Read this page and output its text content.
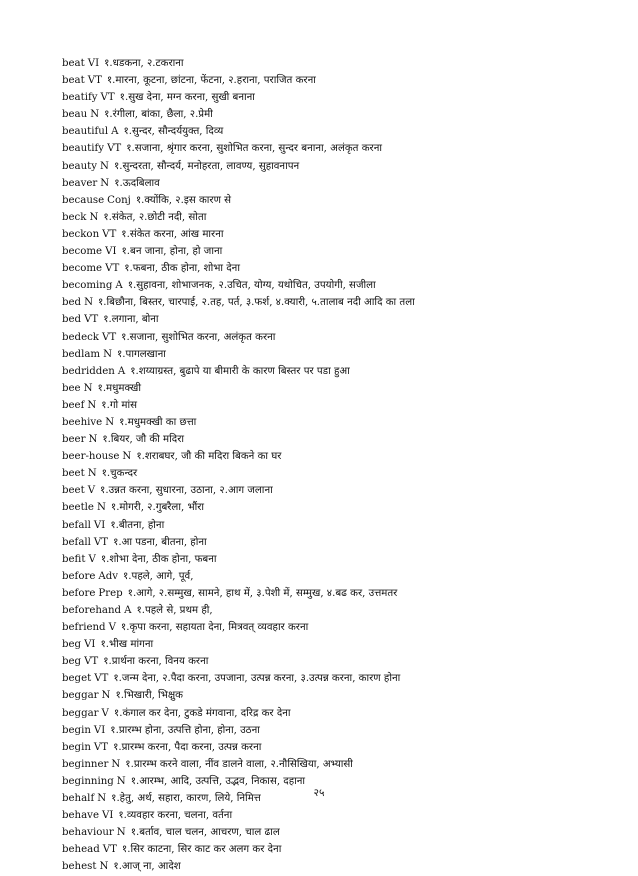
beat VI १.धडकना, २.टकराना
beat VT १.मारना, कूटना, छांटना, फेंटना, २.हराना, पराजित करना
beatify VT १.सुख देना, मग्न करना, सुखी बनाना
beau N १.रंगीला, बांका, छैला, २.प्रेमी
beautiful A १.सुन्दर, सौन्दर्ययुक्त, दिव्य
beautify VT १.सजाना, श्रृंगार करना, सुशोभित करना, सुन्दर बनाना, अलंकृत करना
beauty N १.सुन्दरता, सौन्दर्य, मनोहरता, लावण्य, सुहावनापन
beaver N १.ऊदबिलाव
because Conj १.क्योंकि, २.इस कारण से
beck N १.संकेत, २.छोटी नदी, सोता
beckon VT १.संकेत करना, आंख मारना
become VI १.बन जाना, होना, हो जाना
become VT १.फबना, ठीक होना, शोभा देना
becoming A १.सुहावना, शोभाजनक, २.उचित, योग्य, यथोचित, उपयोगी, सजीला
bed N १.बिछौना, बिस्तर, चारपाई, २.तह, पर्त, ३.फर्श, ४.क्यारी, ५.तालाब नदी आदि का तला
bed VT १.लगाना, बोना
bedeck VT १.सजाना, सुशोभित करना, अलंकृत करना
bedlam N १.पागलखाना
bedridden A १.शय्याग्रस्त, बुढापे या बीमारी के कारण बिस्तर पर पडा हुआ
bee N १.मधुमक्खी
beef N १.गो मांस
beehive N १.मधुमक्खी का छत्ता
beer N १.बियर, जौ की मदिरा
beer-house N १.शराबघर, जौ की मदिरा बिकने का घर
beet N १.चुकन्दर
beet V १.उन्नत करना, सुधारना, उठाना, २.आग जलाना
beetle N १.मोगरी, २.गुबरैला, भौंरा
befall VI १.बीतना, होना
befall VT १.आ पडना, बीतना, होना
befit V १.शोभा देना, ठीक होना, फबना
before Adv १.पहले, आगे, पूर्व,
before Prep १.आगे, २.सम्मुख, सामने, हाथ में, ३.पेशी में, सम्मुख, ४.बढ कर, उत्तमतर
beforehand A १.पहले से, प्रथम ही,
befriend V १.कृपा करना, सहायता देना, मित्रवत् व्यवहार करना
beg VI १.भीख मांगना
beg VT १.प्रार्थना करना, विनय करना
beget VT १.जन्म देना, २.पैदा करना, उपजाना, उत्पन्न करना, ३.उत्पन्न करना, कारण होना
beggar N १.भिखारी, भिक्षुक
beggar V १.कंगाल कर देना, टुकडे मंगवाना, दरिद्र कर देना
begin VI १.प्रारम्भ होना, उत्पत्ति होना, होना, उठना
begin VT १.प्रारम्भ करना, पैदा करना, उत्पन्न करना
beginner N १.प्रारम्भ करने वाला, नींव डालने वाला, २.नौसिखिया, अभ्यासी
beginning N १.आरम्भ, आदि, उत्पत्ति, उद्भव, निकास, दहाना
behalf N १.हेतु, अर्थ, सहारा, कारण, लिये, निमित्त
behave VI १.व्यवहार करना, चलना, वर्तना
behaviour N १.बर्ताव, चाल चलन, आचरण, चाल ढाल
behead VT १.सिर काटना, सिर काट कर अलग कर देना
behest N १.आज् ना, आदेश
२५
